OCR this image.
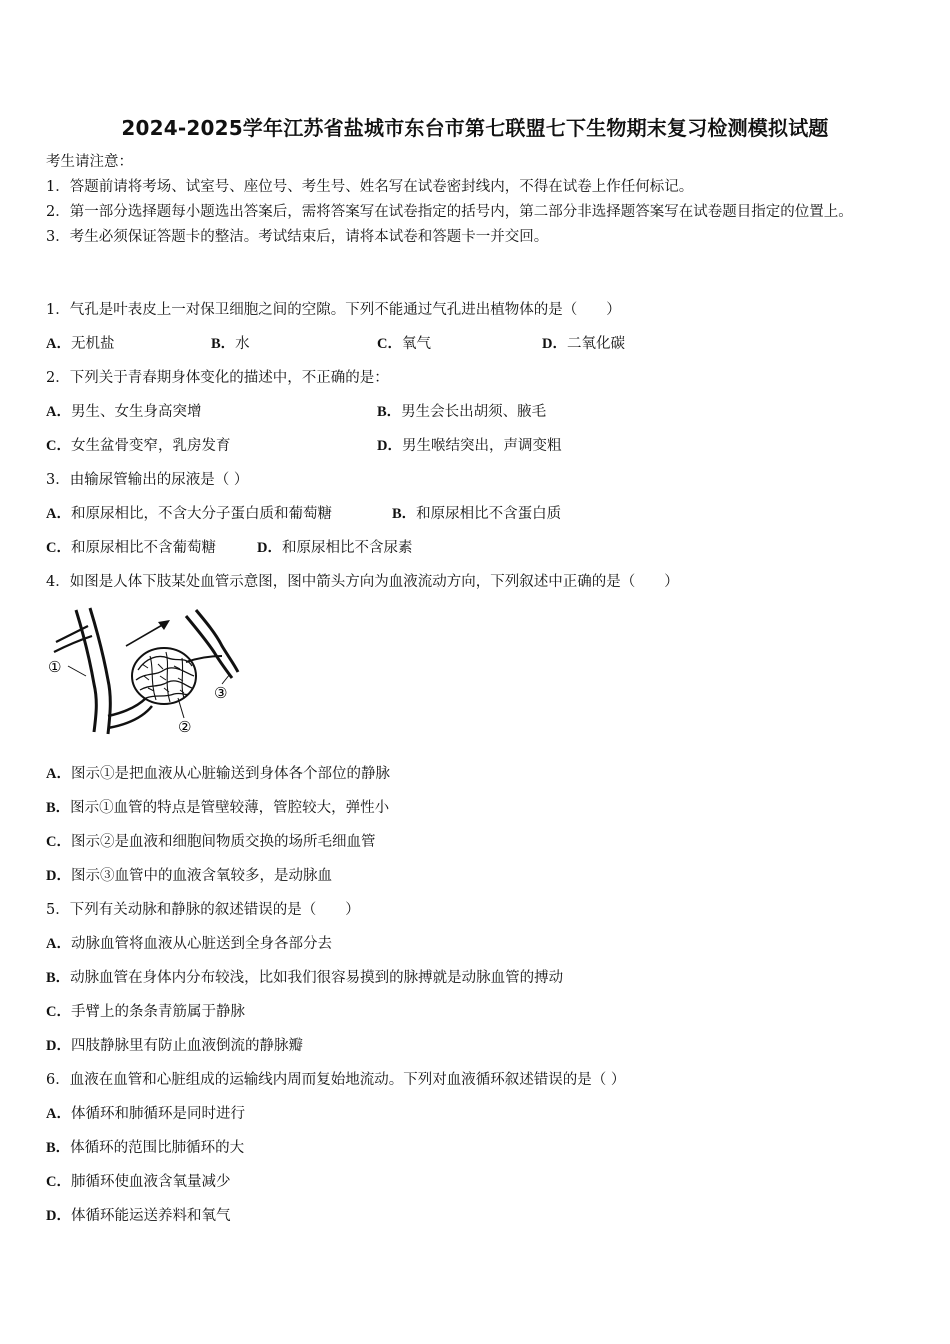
2024-2025学年江苏省盐城市东台市第七联盟七下生物期末复习检测模拟试题
考生请注意：
1．答题前请将考场、试室号、座位号、考生号、姓名写在试卷密封线内，不得在试卷上作任何标记。
2．第一部分选择题每小题选出答案后，需将答案写在试卷指定的括号内，第二部分非选择题答案写在试卷题目指定的位置上。
3．考生必须保证答题卡的整洁。考试结束后，请将本试卷和答题卡一并交回。
1．气孔是叶表皮上一对保卫细胞之间的空隙。下列不能通过气孔进出植物体的是（　　）
A．无机盐	B．水	C．氧气	D．二氧化碳
2．下列关于青春期身体变化的描述中，不正确的是：
A．男生、女生身高突增	B．男生会长出胡须、腋毛
C．女生盆骨变窄，乳房发育	D．男生喉结突出，声调变粗
3．由输尿管输出的尿液是（ ）
A．和原尿相比，不含大分子蛋白质和葡萄糖	B．和原尿相比不含蛋白质
C．和原尿相比不含葡萄糖	D．和原尿相比不含尿素
4．如图是人体下肢某处血管示意图，图中箭头方向为血液流动方向，下列叙述中正确的是（　　）
①
②
③
A．图示①是把血液从心脏输送到身体各个部位的静脉
B．图示①血管的特点是管壁较薄，管腔较大，弹性小
C．图示②是血液和细胞间物质交换的场所毛细血管
D．图示③血管中的血液含氧较多，是动脉血
5．下列有关动脉和静脉的叙述错误的是（　　）
A．动脉血管将血液从心脏送到全身各部分去
B．动脉血管在身体内分布较浅，比如我们很容易摸到的脉搏就是动脉血管的搏动
C．手臂上的条条青筋属于静脉
D．四肢静脉里有防止血液倒流的静脉瓣
6．血液在血管和心脏组成的运输线内周而复始地流动。下列对血液循环叙述错误的是（ ）
A．体循环和肺循环是同时进行
B．体循环的范围比肺循环的大
C．肺循环使血液含氧量减少
D．体循环能运送养料和氧气
